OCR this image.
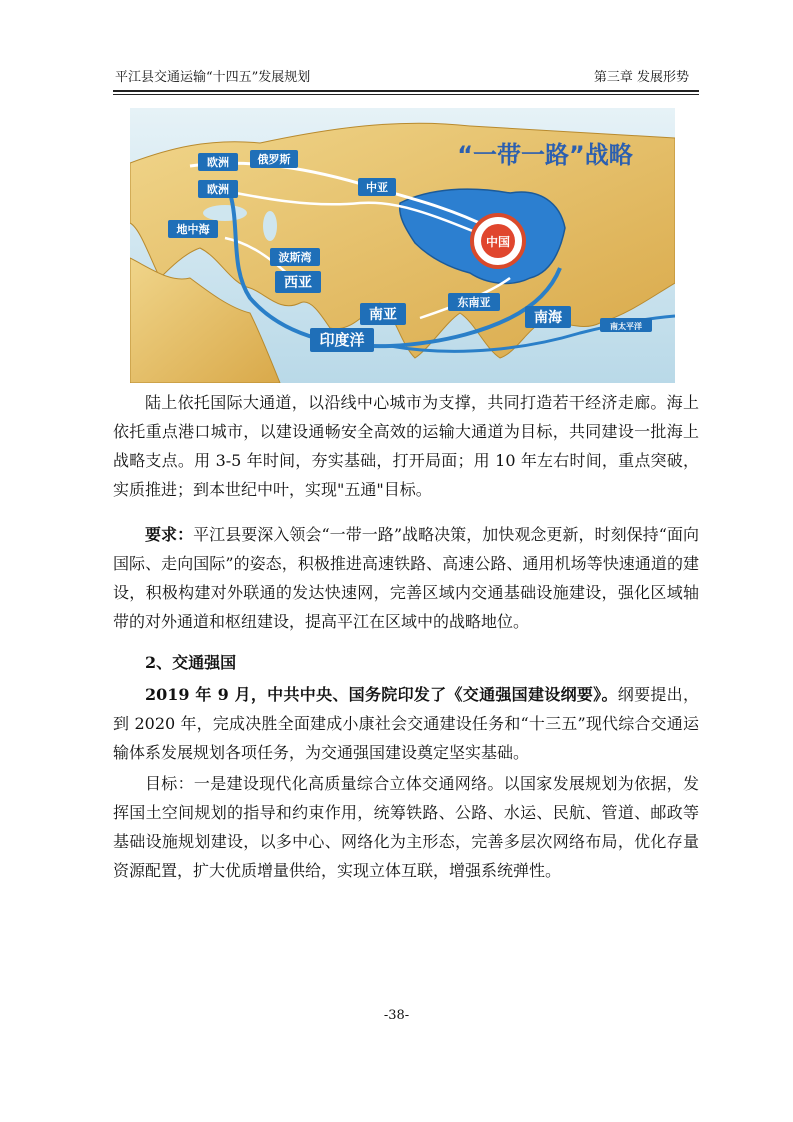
平江县交通运输“十四五”发展规划	第三章 发展形势
中国
“一带一路”战略
欧洲	俄罗斯
欧洲	中亚
地中海
波斯湾
西亚
南亚
东南亚
南海
印度洋
南太平洋

陆上依托国际大通道，以沿线中心城市为支撑，共同打造若干经济走廊。海上依托重点港口城市，以建设通畅安全高效的运输大通道为目标，共同建设一批海上战略支点。用 3-5 年时间，夯实基础，打开局面；用 10 年左右时间，重点突破，实质推进；到本世纪中叶，实现"五通"目标。

要求：平江县要深入领会“一带一路”战略决策，加快观念更新，时刻保持“面向国际、走向国际”的姿态，积极推进高速铁路、高速公路、通用机场等快速通道的建设，积极构建对外联通的发达快速网，完善区域内交通基础设施建设，强化区域轴带的对外通道和枢纽建设，提高平江在区域中的战略地位。

2、交通强国

2019 年 9 月，中共中央、国务院印发了《交通强国建设纲要》。纲要提出，到 2020 年，完成决胜全面建成小康社会交通建设任务和“十三五”现代综合交通运输体系发展规划各项任务，为交通强国建设奠定坚实基础。

目标：一是建设现代化高质量综合立体交通网络。以国家发展规划为依据，发挥国土空间规划的指导和约束作用，统筹铁路、公路、水运、民航、管道、邮政等基础设施规划建设，以多中心、网络化为主形态，完善多层次网络布局，优化存量资源配置，扩大优质增量供给，实现立体互联，增强系统弹性。

-38-
